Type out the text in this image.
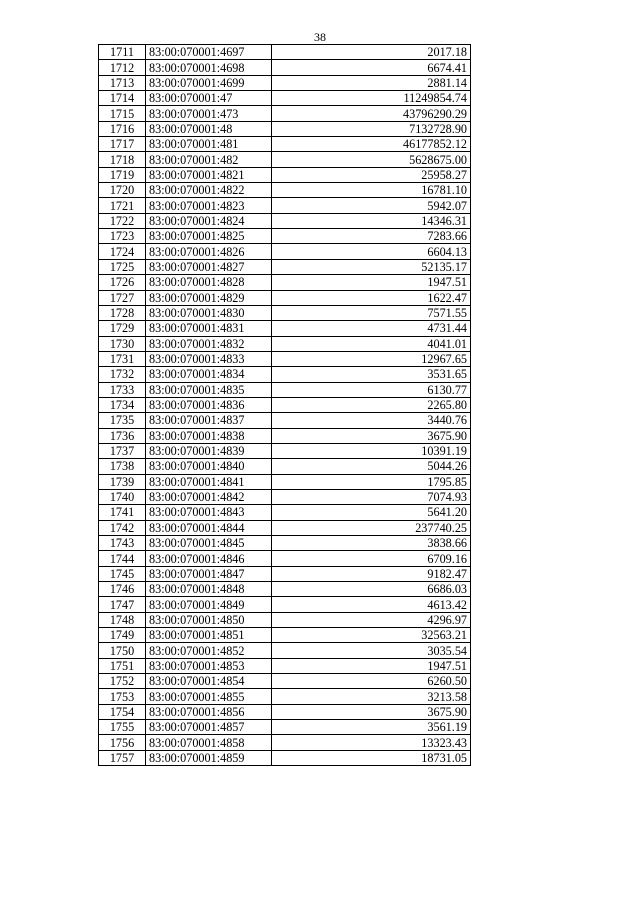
38
1711	83:00:070001:4697	2017.18
1712	83:00:070001:4698	6674.41
1713	83:00:070001:4699	2881.14
1714	83:00:070001:47	11249854.74
1715	83:00:070001:473	43796290.29
1716	83:00:070001:48	7132728.90
1717	83:00:070001:481	46177852.12
1718	83:00:070001:482	5628675.00
1719	83:00:070001:4821	25958.27
1720	83:00:070001:4822	16781.10
1721	83:00:070001:4823	5942.07
1722	83:00:070001:4824	14346.31
1723	83:00:070001:4825	7283.66
1724	83:00:070001:4826	6604.13
1725	83:00:070001:4827	52135.17
1726	83:00:070001:4828	1947.51
1727	83:00:070001:4829	1622.47
1728	83:00:070001:4830	7571.55
1729	83:00:070001:4831	4731.44
1730	83:00:070001:4832	4041.01
1731	83:00:070001:4833	12967.65
1732	83:00:070001:4834	3531.65
1733	83:00:070001:4835	6130.77
1734	83:00:070001:4836	2265.80
1735	83:00:070001:4837	3440.76
1736	83:00:070001:4838	3675.90
1737	83:00:070001:4839	10391.19
1738	83:00:070001:4840	5044.26
1739	83:00:070001:4841	1795.85
1740	83:00:070001:4842	7074.93
1741	83:00:070001:4843	5641.20
1742	83:00:070001:4844	237740.25
1743	83:00:070001:4845	3838.66
1744	83:00:070001:4846	6709.16
1745	83:00:070001:4847	9182.47
1746	83:00:070001:4848	6686.03
1747	83:00:070001:4849	4613.42
1748	83:00:070001:4850	4296.97
1749	83:00:070001:4851	32563.21
1750	83:00:070001:4852	3035.54
1751	83:00:070001:4853	1947.51
1752	83:00:070001:4854	6260.50
1753	83:00:070001:4855	3213.58
1754	83:00:070001:4856	3675.90
1755	83:00:070001:4857	3561.19
1756	83:00:070001:4858	13323.43
1757	83:00:070001:4859	18731.05
